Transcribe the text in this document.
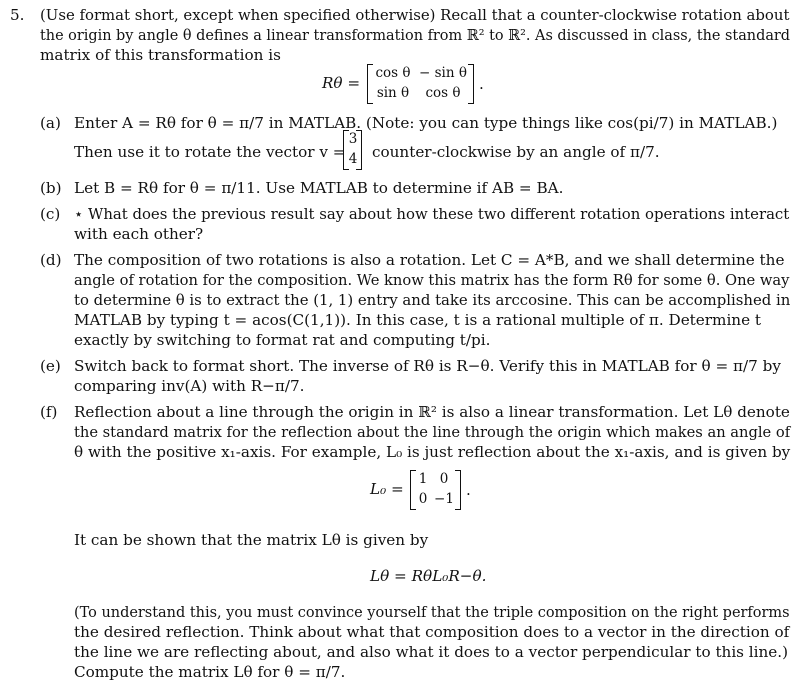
5. (Use format short, except when specified otherwise) Recall that a counter-clockwise rotation about
the origin by angle θ defines a linear transformation from ℝ² to ℝ². As discussed in class, the standard
matrix of this transformation is
Rθ =
cos θ − sin θ
sin θ	cos θ	.
(a) Enter A = Rθ for θ = π/7 in MATLAB. (Note: you can type things like cos(pi/7) in MATLAB.)
Then use it to rotate the vector v =
3
4 counter-clockwise by an angle of π/7.
(b) Let B = Rθ for θ = π/11. Use MATLAB to determine if AB = BA.
(c) ⋆ What does the previous result say about how these two different rotation operations interact
with each other?
(d) The composition of two rotations is also a rotation. Let C = A*B, and we shall determine the
angle of rotation for the composition. We know this matrix has the form Rθ for some θ. One way
to determine θ is to extract the (1, 1) entry and take its arccosine. This can be accomplished in
MATLAB by typing t = acos(C(1,1)). In this case, t is a rational multiple of π. Determine t
exactly by switching to format rat and computing t/pi.
(e) Switch back to format short. The inverse of Rθ is R−θ. Verify this in MATLAB for θ = π/7 by
comparing inv(A) with R−π/7.
(f) Reflection about a line through the origin in ℝ² is also a linear transformation. Let Lθ denote
the standard matrix for the reflection about the line through the origin which makes an angle of
θ with the positive x₁-axis. For example, L₀ is just reflection about the x₁-axis, and is given by
L₀ =
1 0
0 −1 .
It can be shown that the matrix Lθ is given by
Lθ = RθL₀R−θ.
(To understand this, you must convince yourself that the triple composition on the right performs
the desired reflection. Think about what that composition does to a vector in the direction of
the line we are reflecting about, and also what it does to a vector perpendicular to this line.)
Compute the matrix Lθ for θ = π/7.
